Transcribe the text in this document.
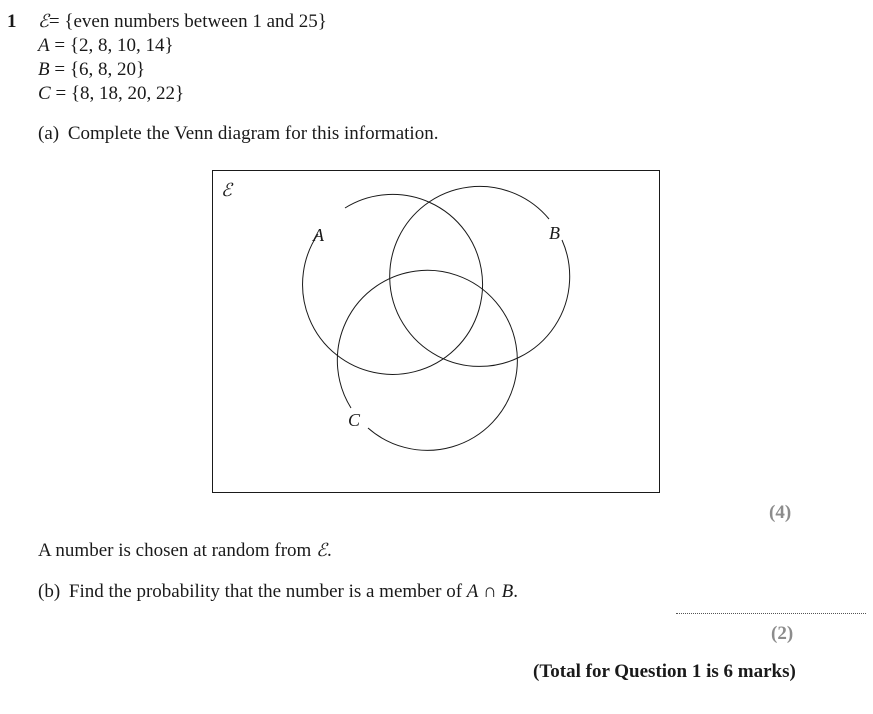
1 ℰ= {even numbers between 1 and 25}
A = {2, 8, 10, 14}
B = {6, 8, 20}
C = {8, 18, 20, 22}
(a) Complete the Venn diagram for this information.
ℰ
A	B
C
(4)
A number is chosen at random from ℰ.
(b) Find the probability that the number is a member of A ∩ B.
(2)
(Total for Question 1 is 6 marks)
